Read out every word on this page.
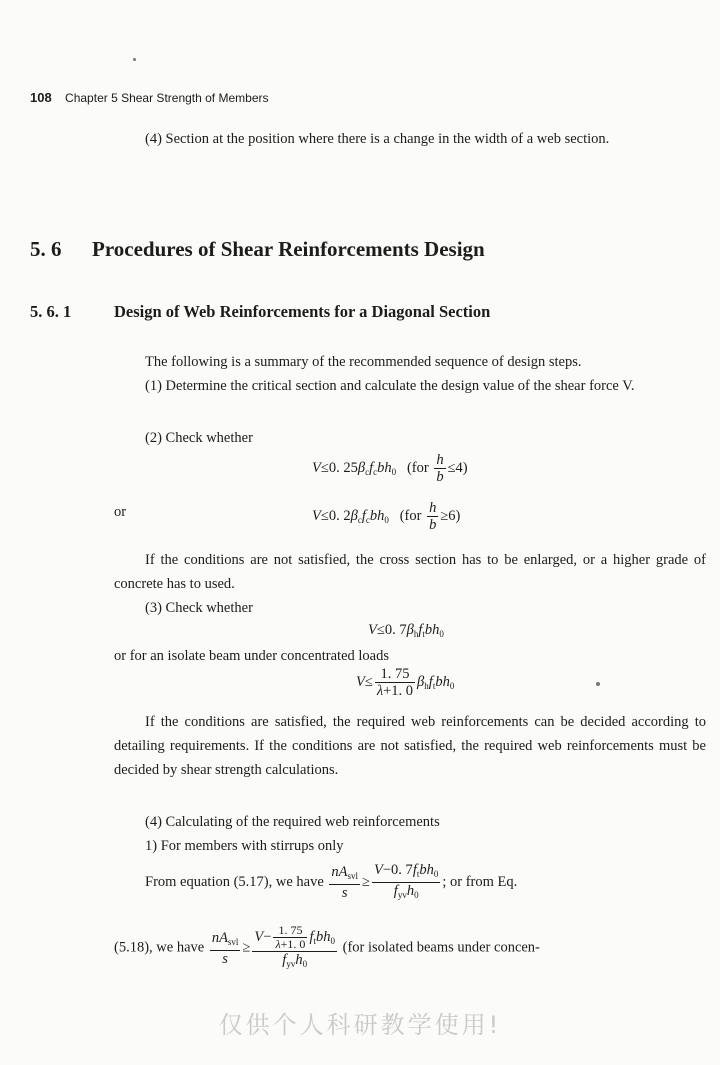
108 Chapter 5 Shear Strength of Members
(4) Section at the position where there is a change in the width of a web section.
5. 6 Procedures of Shear Reinforcements Design
5. 6. 1	Design of Web Reinforcements for a Diagonal Section
The following is a summary of the recommended sequence of design steps.
(1) Determine the critical section and calculate the design value of the shear force V.
(2) Check whether
V≤0. $25\beta_cf_cbh_0$   $(for \frac{h}{b} \le 4)$
or	V≤0. $2\beta_cf_cbh_0$   $(for \frac{h}{b} \ge 6)$
If the conditions are not satisfied, the cross section has to be enlarged, or a higher grade of concrete has to used.
(3) Check whether
V≤0. $7\beta_hf_tbh_0$
or for an isolate beam under concentrated loads
$V\le \frac{1. 75}{\lambda+1. 0} \beta_hf_tbh_0$
If the conditions are satisfied, the required web reinforcements can be decided according to detailing requirements. If the conditions are not satisfied, the required web reinforcements must be decided by shear strength calculations.
(4) Calculating of the required web reinforcements
1) For members with stirrups only
From equation (5.17), we have $\frac{nA_{svl}}{s} \ge \frac{V-0. 7f_tbh_0}{f_{yv}h_0}$ ; or from Eq.
(5.18), we have $\frac{nA_{svl}}{s} \ge \frac{V- \frac{1. 75}{\lambda+1. 0} f_tbh_0}{f_{yv}h_0} (for$ isolated beams under concen-
仅供个人科研教学使用!
